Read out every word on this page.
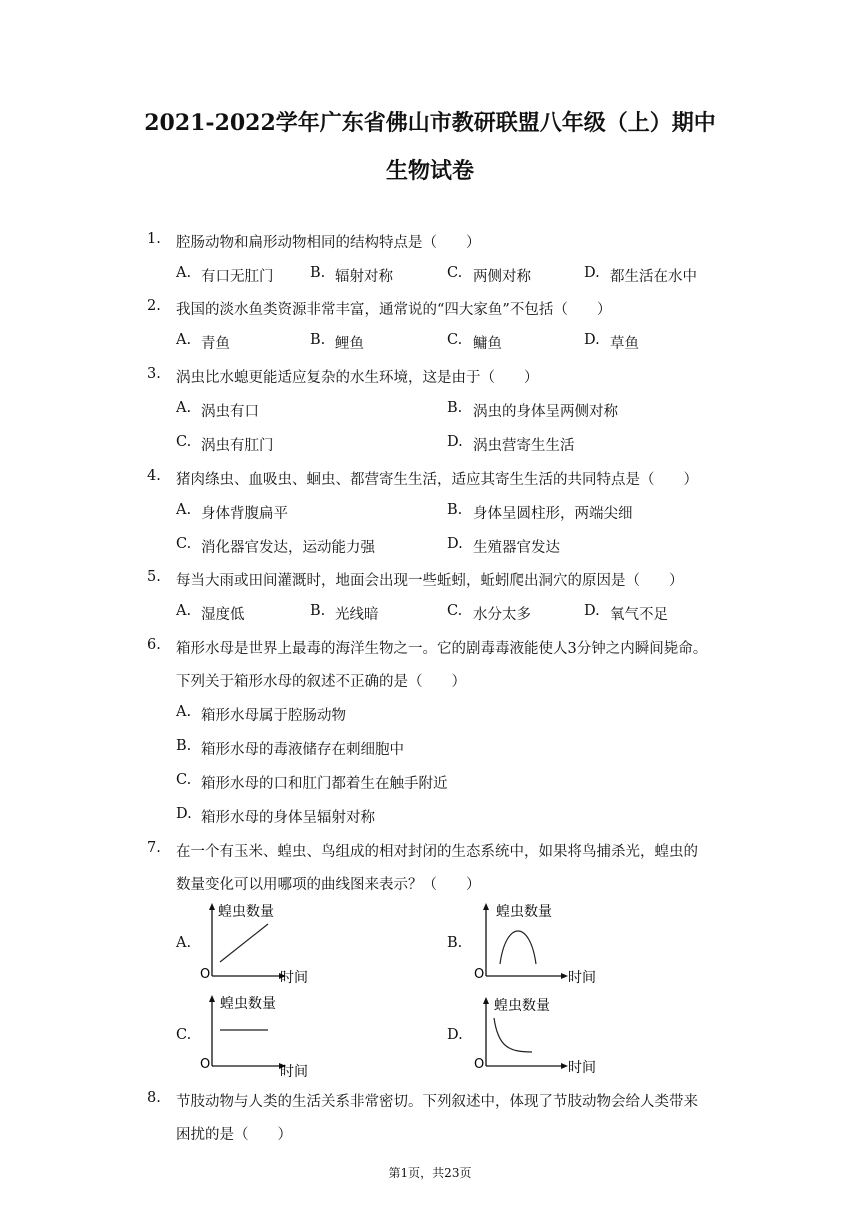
2021-2022学年广东省佛山市教研联盟八年级（上）期中
生物试卷
1. 腔肠动物和扁形动物相同的结构特点是（　　）
A. 有口无肛门	B. 辐射对称	C. 两侧对称	D. 都生活在水中
2. 我国的淡水鱼类资源非常丰富，通常说的“四大家鱼”不包括（　　）
A. 青鱼	B. 鲤鱼	C. 鳙鱼	D. 草鱼
3. 涡虫比水螅更能适应复杂的水生环境，这是由于（　　）
A. 涡虫有口	B. 涡虫的身体呈两侧对称
C. 涡虫有肛门	D. 涡虫营寄生生活
4. 猪肉绦虫、血吸虫、蛔虫、都营寄生生活，适应其寄生生活的共同特点是（　　）
A. 身体背腹扁平	B. 身体呈圆柱形，两端尖细
C. 消化器官发达，运动能力强	D. 生殖器官发达
5. 每当大雨或田间灌溉时，地面会出现一些蚯蚓，蚯蚓爬出洞穴的原因是（　　）
A. 湿度低	B. 光线暗	C. 水分太多	D. 氧气不足
6. 箱形水母是世界上最毒的海洋生物之一。它的剧毒毒液能使人3分钟之内瞬间毙命。
下列关于箱形水母的叙述不正确的是（　　）
A. 箱形水母属于腔肠动物
B. 箱形水母的毒液储存在刺细胞中
C. 箱形水母的口和肛门都着生在触手附近
D. 箱形水母的身体呈辐射对称
7. 在一个有玉米、蝗虫、鸟组成的相对封闭的生态系统中，如果将鸟捕杀光，蝗虫的
数量变化可以用哪项的曲线图来表示？（　　）
A.	B.
C.	D.
蝗虫数量
时间
O
蝗虫数量
时间
O
蝗虫数量
时间
O
蝗虫数量
时间
O
8. 节肢动物与人类的生活关系非常密切。下列叙述中，体现了节肢动物会给人类带来
困扰的是（　　）
第1页，共23页
